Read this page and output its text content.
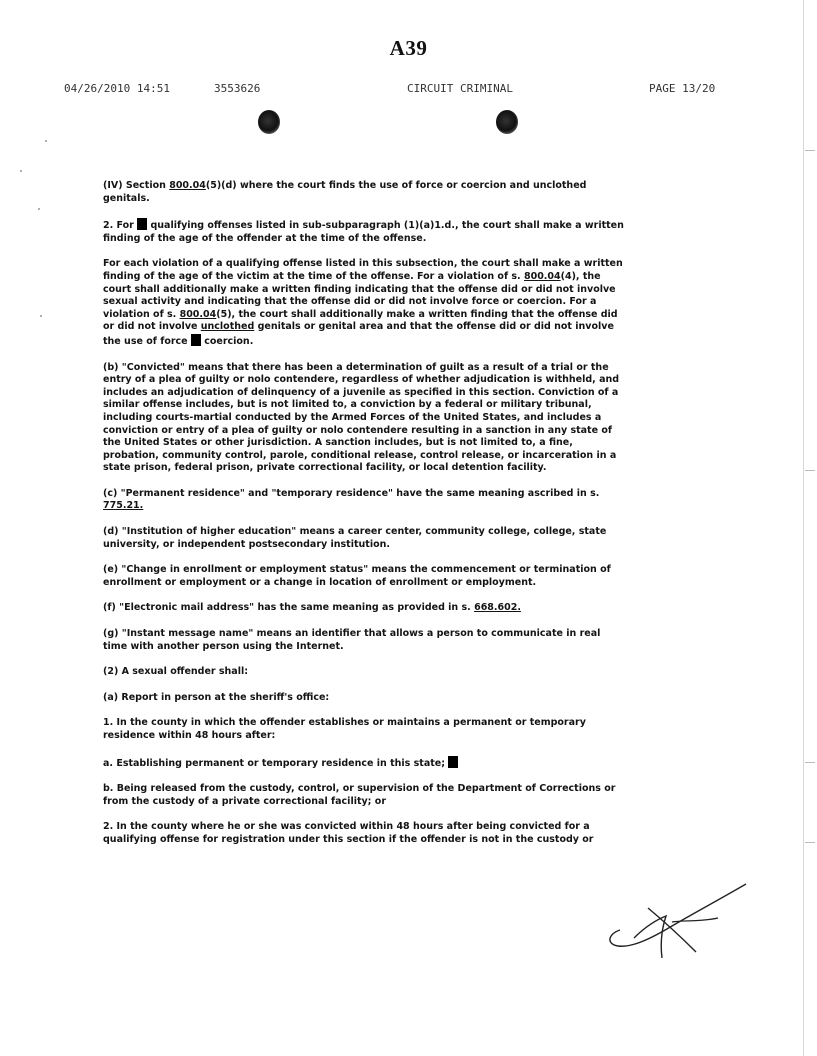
A39
04/26/2010 14:51	3553626	CIRCUIT CRIMINAL	PAGE 13/20

(IV) Section 800.04(5)(d) where the court finds the use of force or coercion and unclothed genitals.

2. For  qualifying offenses listed in sub-subparagraph (1)(a)1.d., the court shall make a written finding of the age of the offender at the time of the offense.

For each violation of a qualifying offense listed in this subsection, the court shall make a written finding of the age of the victim at the time of the offense. For a violation of s. 800.04(4), the court shall additionally make a written finding indicating that the offense did or did not involve sexual activity and indicating that the offense did or did not involve force or coercion. For a violation of s. 800.04(5), the court shall additionally make a written finding that the offense did or did not involve unclothed genitals or genital area and that the offense did or did not involve the use of force  coercion.

(b) "Convicted" means that there has been a determination of guilt as a result of a trial or the entry of a plea of guilty or nolo contendere, regardless of whether adjudication is withheld, and includes an adjudication of delinquency of a juvenile as specified in this section. Conviction of a similar offense includes, but is not limited to, a conviction by a federal or military tribunal, including courts-martial conducted by the Armed Forces of the United States, and includes a conviction or entry of a plea of guilty or nolo contendere resulting in a sanction in any state of the United States or other jurisdiction. A sanction includes, but is not limited to, a fine, probation, community control, parole, conditional release, control release, or incarceration in a state prison, federal prison, private correctional facility, or local detention facility.

(c) "Permanent residence" and "temporary residence" have the same meaning ascribed in s. 775.21.

(d) "Institution of higher education" means a career center, community college, college, state university, or independent postsecondary institution.

(e) "Change in enrollment or employment status" means the commencement or termination of enrollment or employment or a change in location of enrollment or employment.

(f) "Electronic mail address" has the same meaning as provided in s. 668.602.

(g) "Instant message name" means an identifier that allows a person to communicate in real time with another person using the Internet.

(2) A sexual offender shall:

(a) Report in person at the sheriff's office:

1. In the county in which the offender establishes or maintains a permanent or temporary residence within 48 hours after:

a. Establishing permanent or temporary residence in this state;

b. Being released from the custody, control, or supervision of the Department of Corrections or from the custody of a private correctional facility; or

2. In the county where he or she was convicted within 48 hours after being convicted for a qualifying offense for registration under this section if the offender is not in the custody or
